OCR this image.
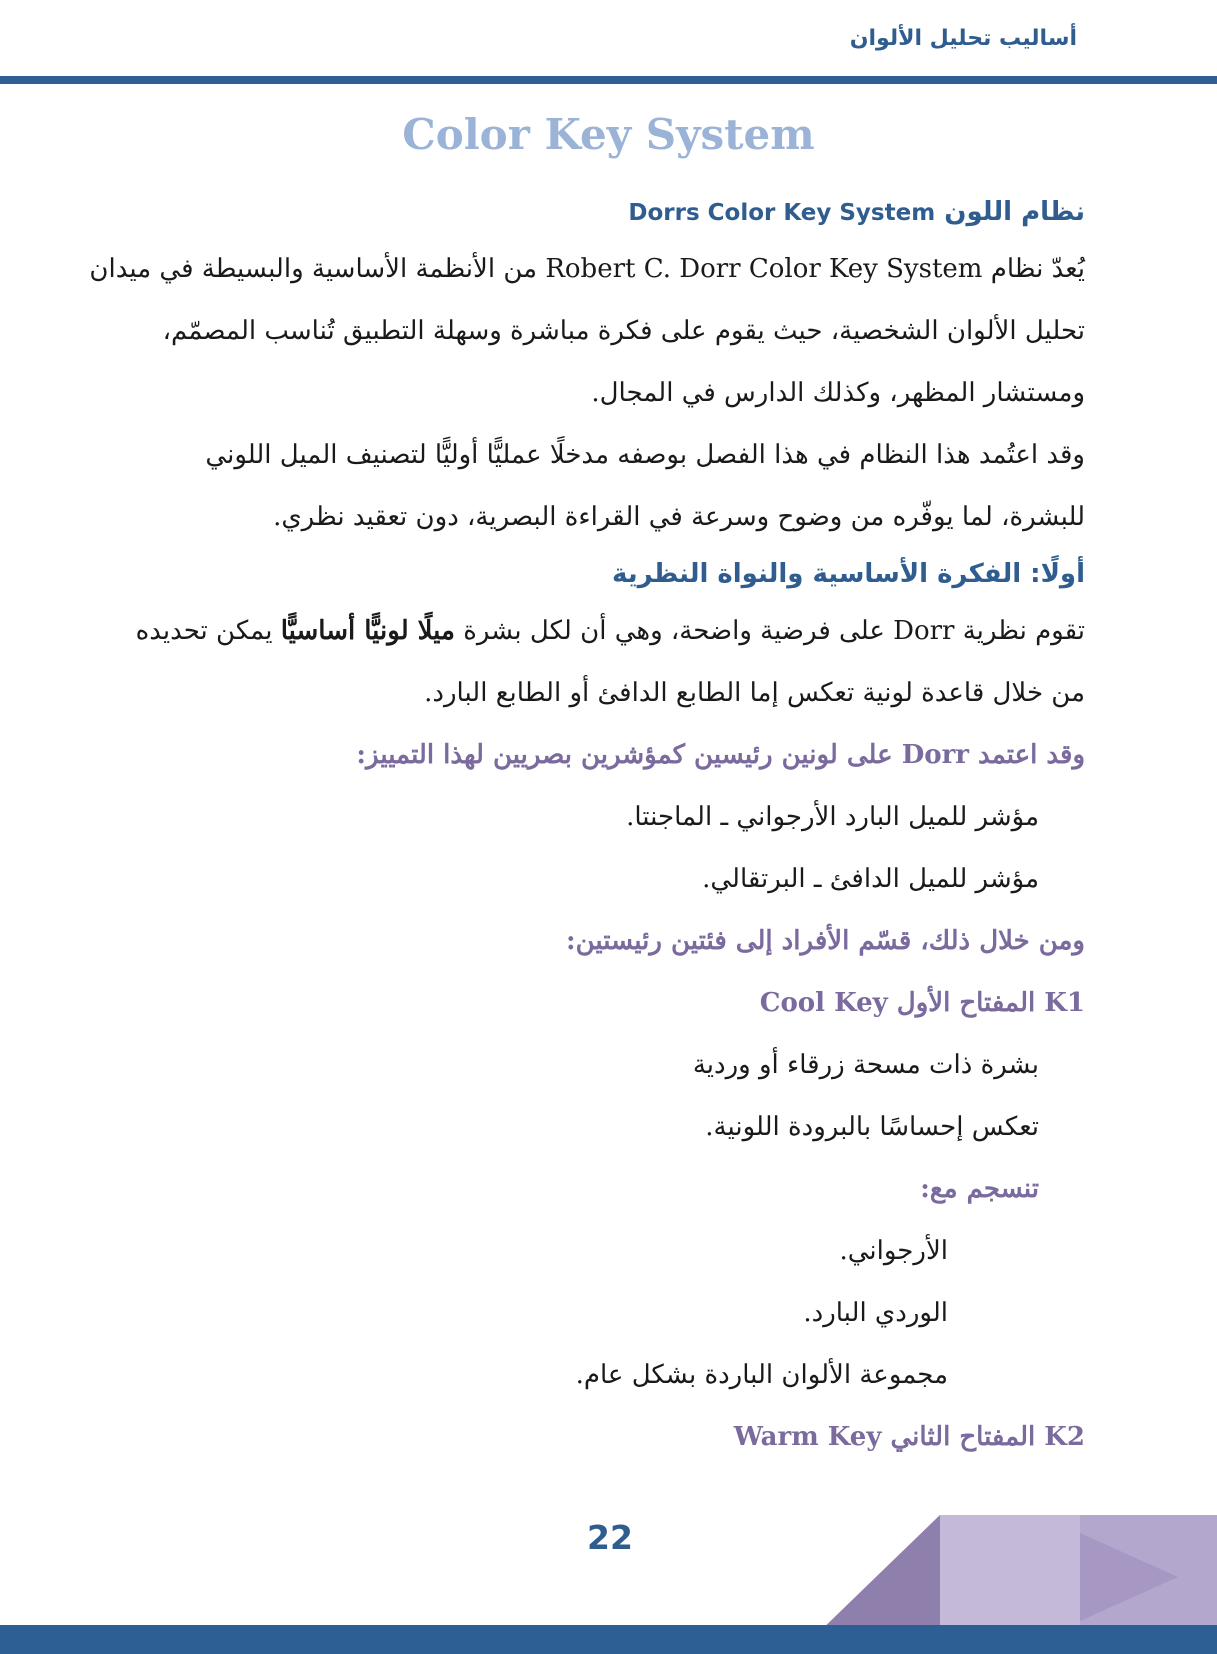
أساليب تحليل الألوان
Color Key System
نظام اللون Dorrs Color Key System
يُعدّ نظام Robert C. Dorr Color Key System من الأنظمة الأساسية والبسيطة في ميدان
تحليل الألوان الشخصية، حيث يقوم على فكرة مباشرة وسهلة التطبيق تُناسب المصمّم،
ومستشار المظهر، وكذلك الدارس في المجال.
وقد اعتُمد هذا النظام في هذا الفصل بوصفه مدخلًا عمليًّا أوليًّا لتصنيف الميل اللوني
للبشرة، لما يوفّره من وضوح وسرعة في القراءة البصرية، دون تعقيد نظري.
أولًا: الفكرة الأساسية والنواة النظرية
تقوم نظرية Dorr على فرضية واضحة، وهي أن لكل بشرة ميلًا لونيًّا أساسيًّا يمكن تحديده
من خلال قاعدة لونية تعكس إما الطابع الدافئ أو الطابع البارد.
وقد اعتمد Dorr على لونين رئيسين كمؤشرين بصريين لهذا التمييز:
مؤشر للميل البارد الأرجواني ـ الماجنتا.
مؤشر للميل الدافئ ـ البرتقالي.
ومن خلال ذلك، قسّم الأفراد إلى فئتين رئيستين:
K1 المفتاح الأول Cool Key
بشرة ذات مسحة زرقاء أو وردية
تعكس إحساسًا بالبرودة اللونية.
تنسجم مع:
الأرجواني.
الوردي البارد.
مجموعة الألوان الباردة بشكل عام.
K2 المفتاح الثاني Warm Key
22
